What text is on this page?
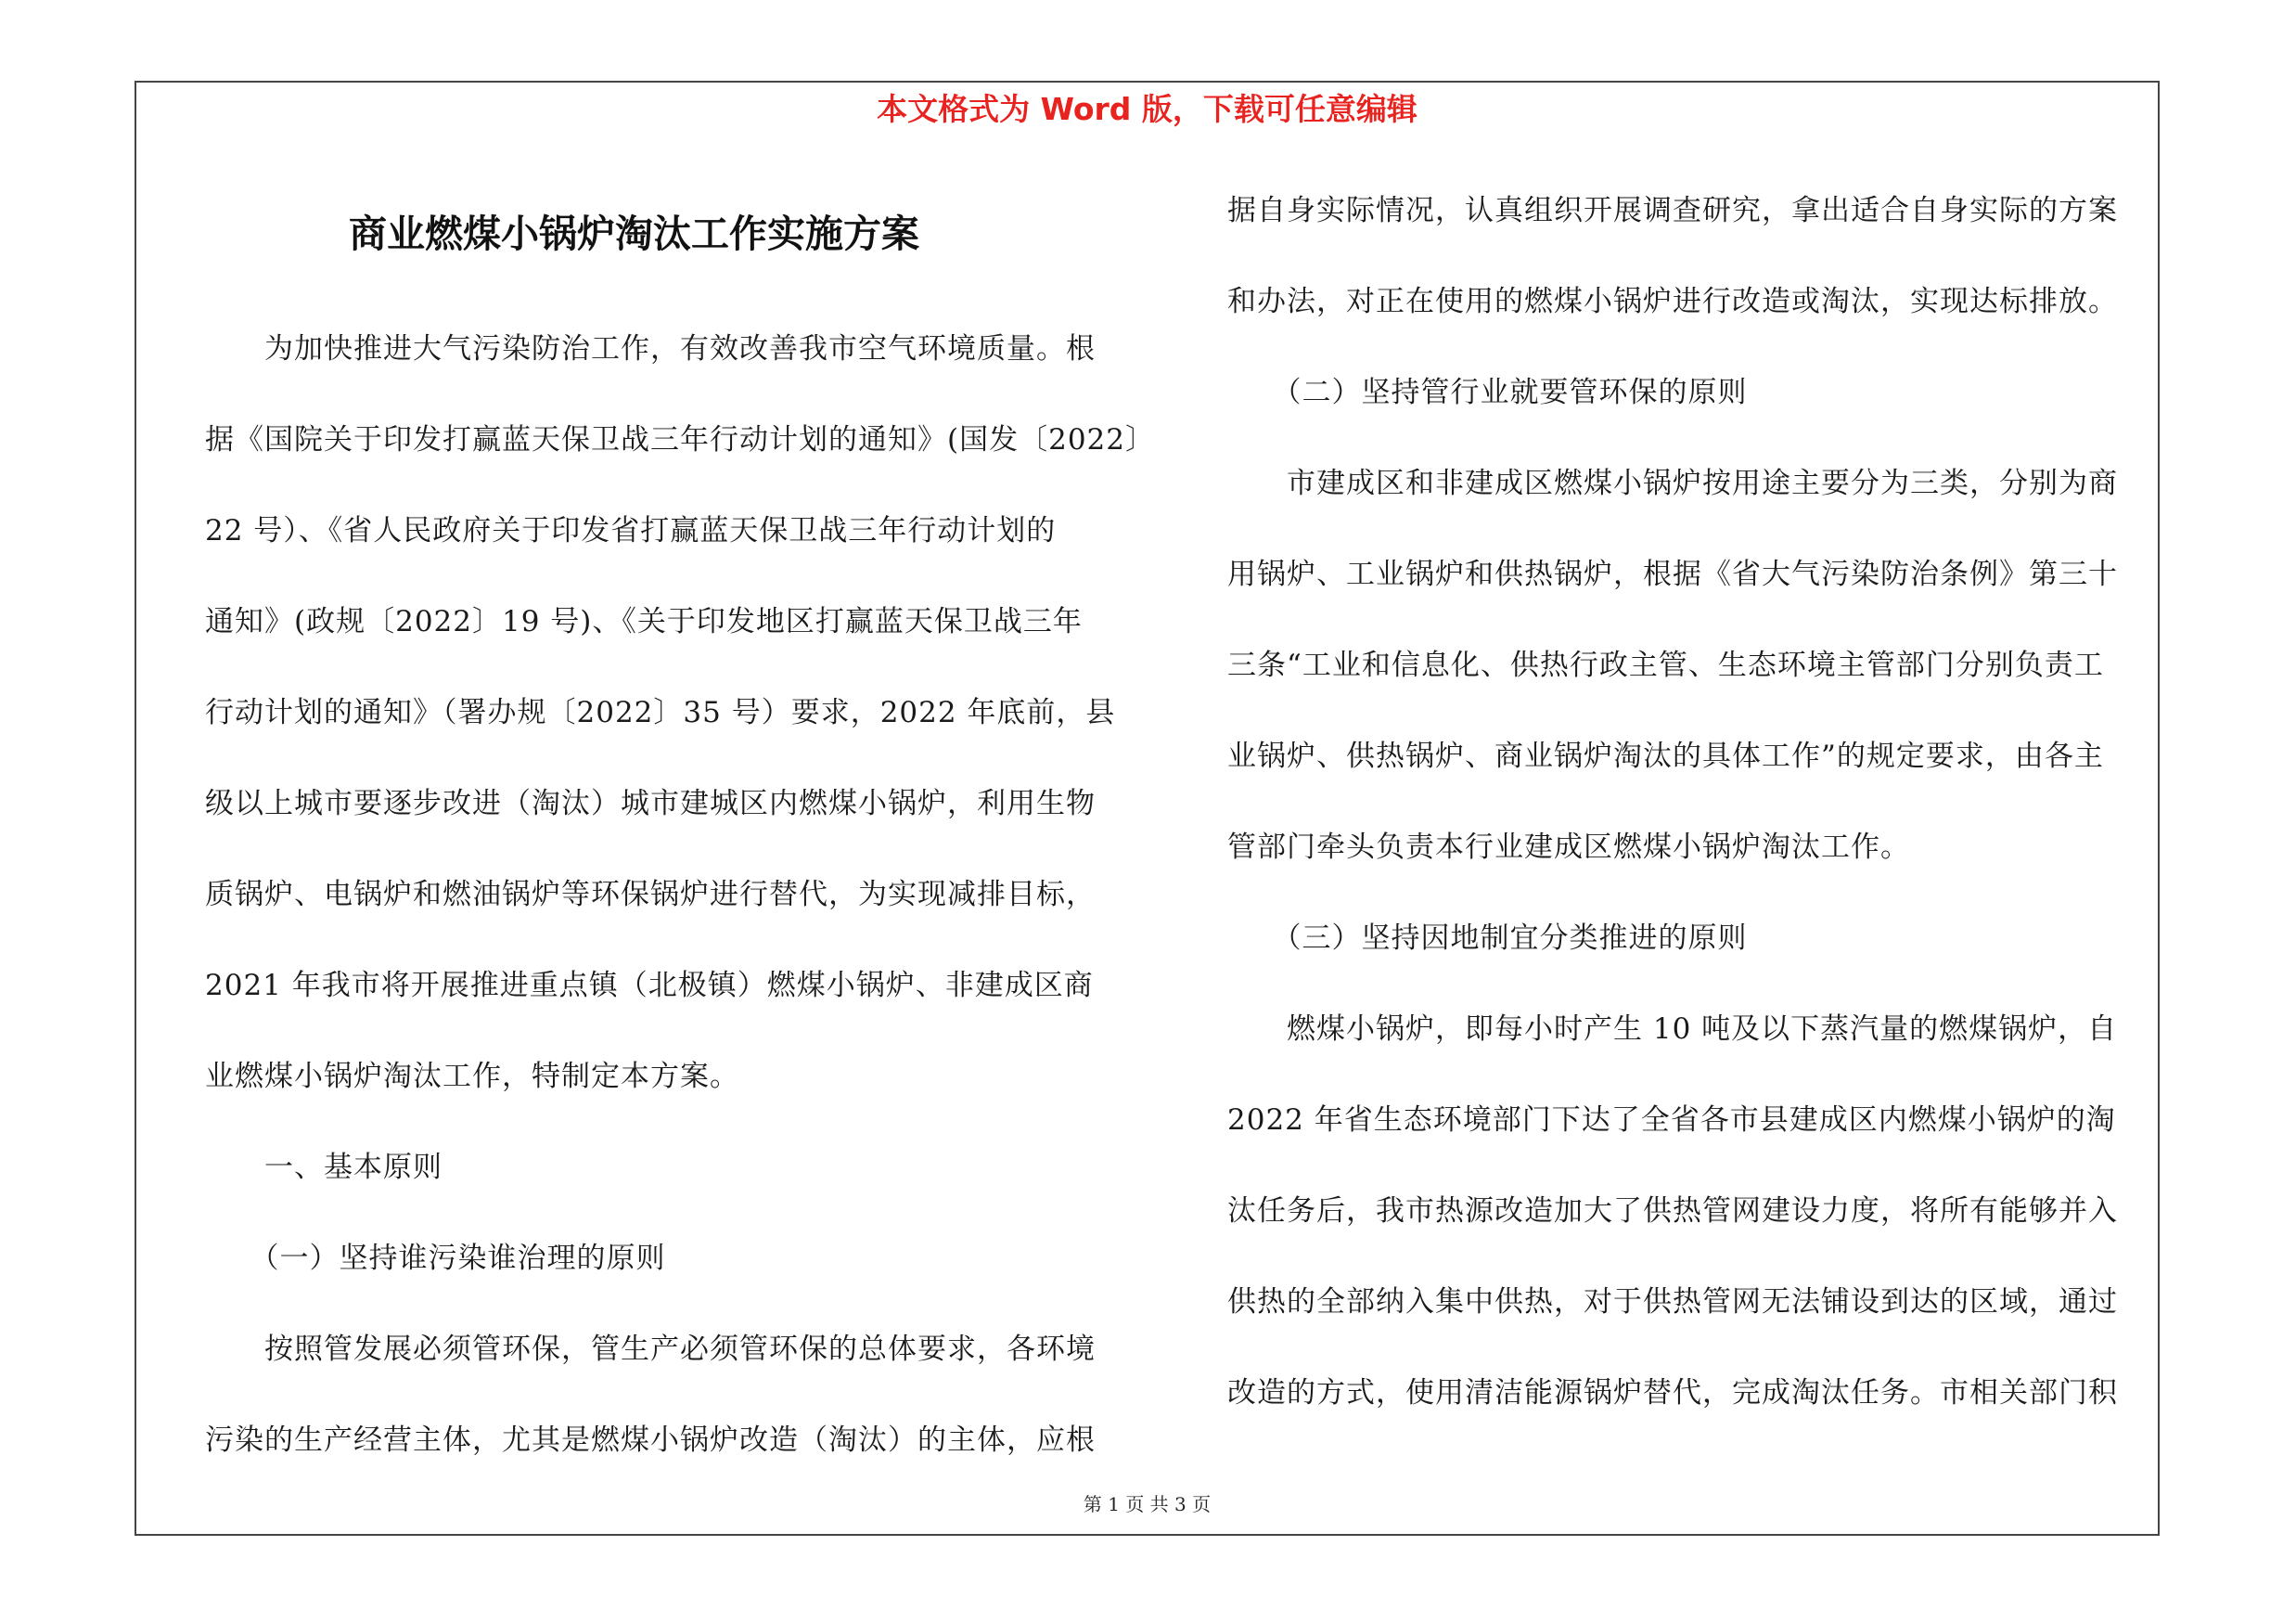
本文格式为 Word 版，下载可任意编辑
商业燃煤小锅炉淘汰工作实施方案
　　为加快推进大气污染防治工作，有效改善我市空气环境质量。根
据《国院关于印发打赢蓝天保卫战三年行动计划的通知》(国发〔2022〕
22 号）、《省人民政府关于印发省打赢蓝天保卫战三年行动计划的
通知》(政规〔2022〕19 号)、《关于印发地区打赢蓝天保卫战三年
行动计划的通知》（署办规〔2022〕35 号）要求，2022 年底前，县
级以上城市要逐步改进（淘汰）城市建城区内燃煤小锅炉，利用生物
质锅炉、电锅炉和燃油锅炉等环保锅炉进行替代，为实现减排目标，
2021 年我市将开展推进重点镇（北极镇）燃煤小锅炉、非建成区商
业燃煤小锅炉淘汰工作，特制定本方案。
　　一、基本原则
　　（一）坚持谁污染谁治理的原则
　　按照管发展必须管环保，管生产必须管环保的总体要求，各环境
污染的生产经营主体，尤其是燃煤小锅炉改造（淘汰）的主体，应根
据自身实际情况，认真组织开展调查研究，拿出适合自身实际的方案
和办法，对正在使用的燃煤小锅炉进行改造或淘汰，实现达标排放。
　　（二）坚持管行业就要管环保的原则
　　市建成区和非建成区燃煤小锅炉按用途主要分为三类，分别为商
用锅炉、工业锅炉和供热锅炉，根据《省大气污染防治条例》第三十
三条“工业和信息化、供热行政主管、生态环境主管部门分别负责工
业锅炉、供热锅炉、商业锅炉淘汰的具体工作”的规定要求，由各主
管部门牵头负责本行业建成区燃煤小锅炉淘汰工作。
　　（三）坚持因地制宜分类推进的原则
　　燃煤小锅炉，即每小时产生 10 吨及以下蒸汽量的燃煤锅炉，自
2022 年省生态环境部门下达了全省各市县建成区内燃煤小锅炉的淘
汰任务后，我市热源改造加大了供热管网建设力度，将所有能够并入
供热的全部纳入集中供热，对于供热管网无法铺设到达的区域，通过
改造的方式，使用清洁能源锅炉替代，完成淘汰任务。市相关部门积
第 1 页 共 3 页
